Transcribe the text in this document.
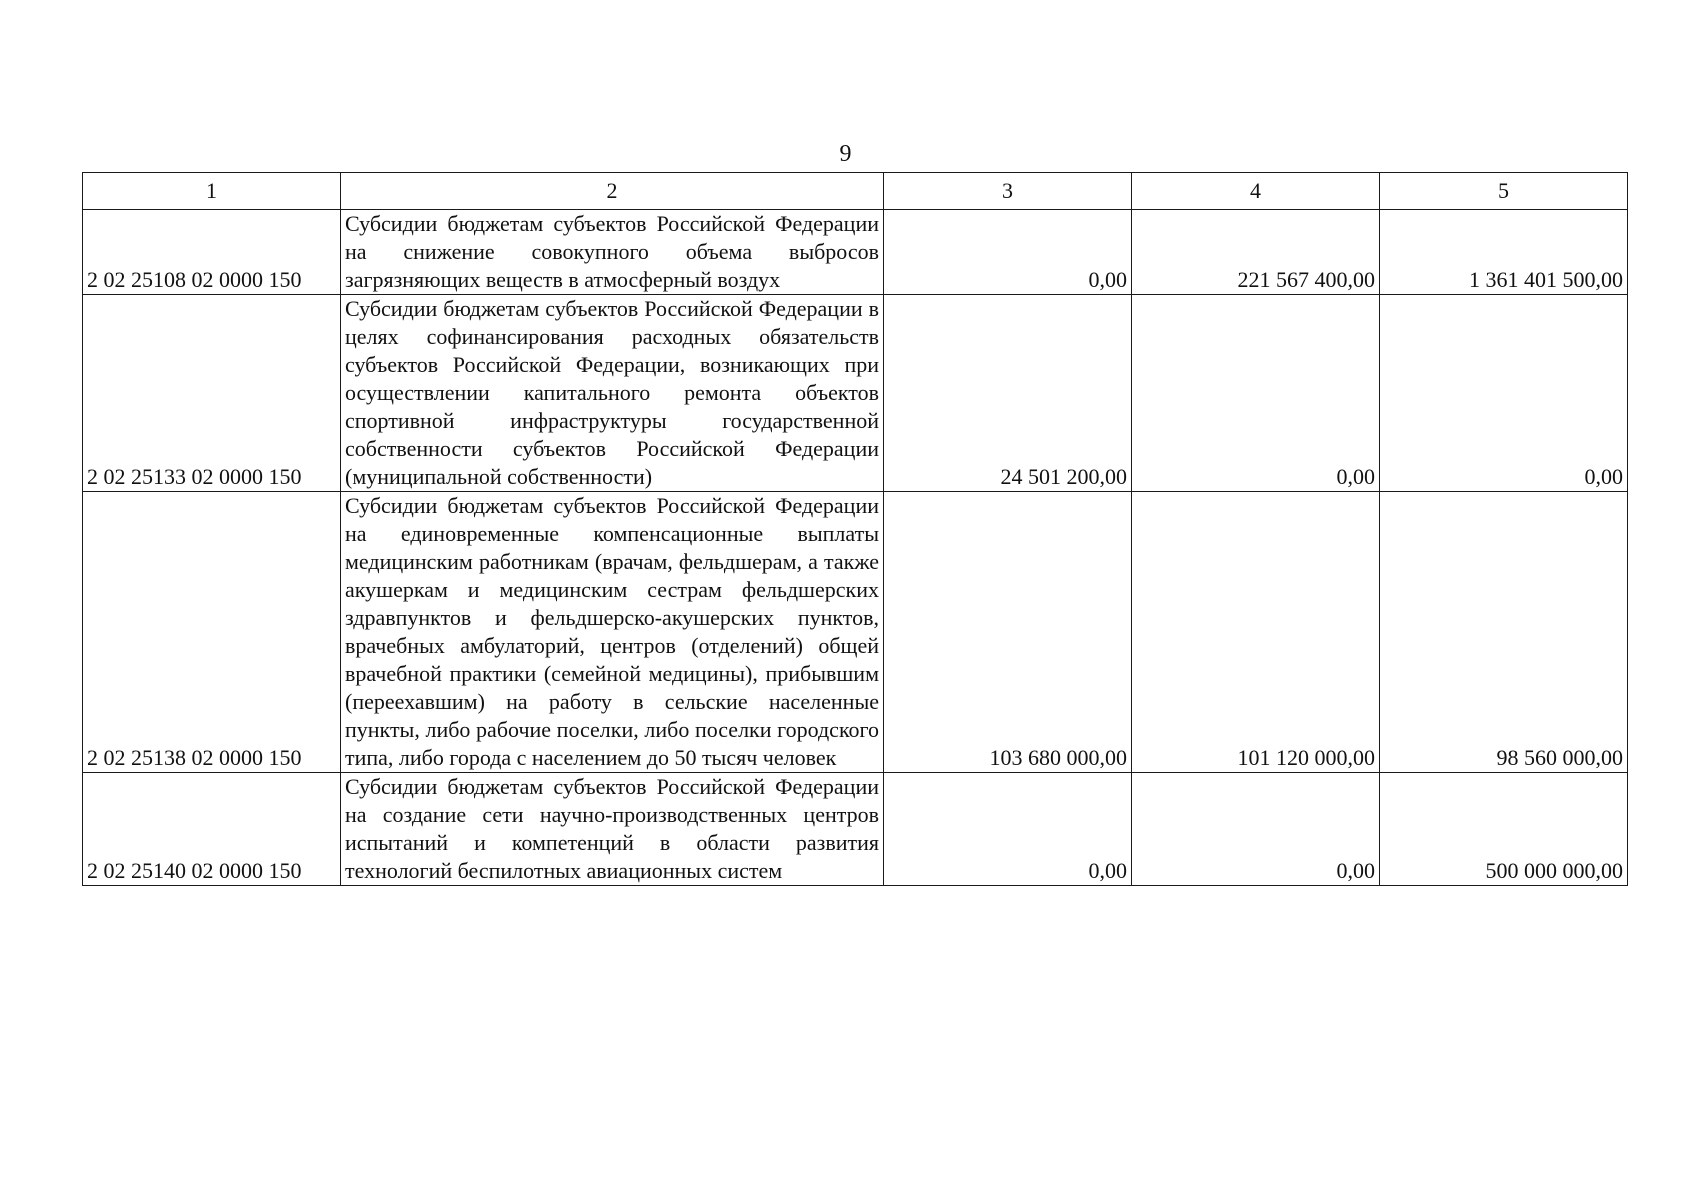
9
1	2	3	4	5
2 02 25108 02 0000 150	Субсидии бюджетам субъектов Российской Федерации на снижение совокупного объема выбросов загрязняющих веществ в атмосферный воздух	0,00	221 567 400,00	1 361 401 500,00
2 02 25133 02 0000 150	Субсидии бюджетам субъектов Российской Федерации в целях софинансирования расходных обязательств субъектов Российской Федерации, возникающих при осуществлении капитального ремонта объектов спортивной инфраструктуры государственной собственности субъектов Российской Федерации (муниципальной собственности)	24 501 200,00	0,00	0,00
2 02 25138 02 0000 150	Субсидии бюджетам субъектов Российской Федерации на единовременные компенсационные выплаты медицинским работникам (врачам, фельдшерам, а также акушеркам и медицинским сестрам фельдшерских здравпунктов и фельдшерско-акушерских пунктов, врачебных амбулаторий, центров (отделений) общей врачебной практики (семейной медицины), прибывшим (переехавшим) на работу в сельские населенные пункты, либо рабочие поселки, либо поселки городского типа, либо города с населением до 50 тысяч человек	103 680 000,00	101 120 000,00	98 560 000,00
2 02 25140 02 0000 150	Субсидии бюджетам субъектов Российской Федерации на создание сети научно-производственных центров испытаний и компетенций в области развития технологий беспилотных авиационных систем	0,00	0,00	500 000 000,00
